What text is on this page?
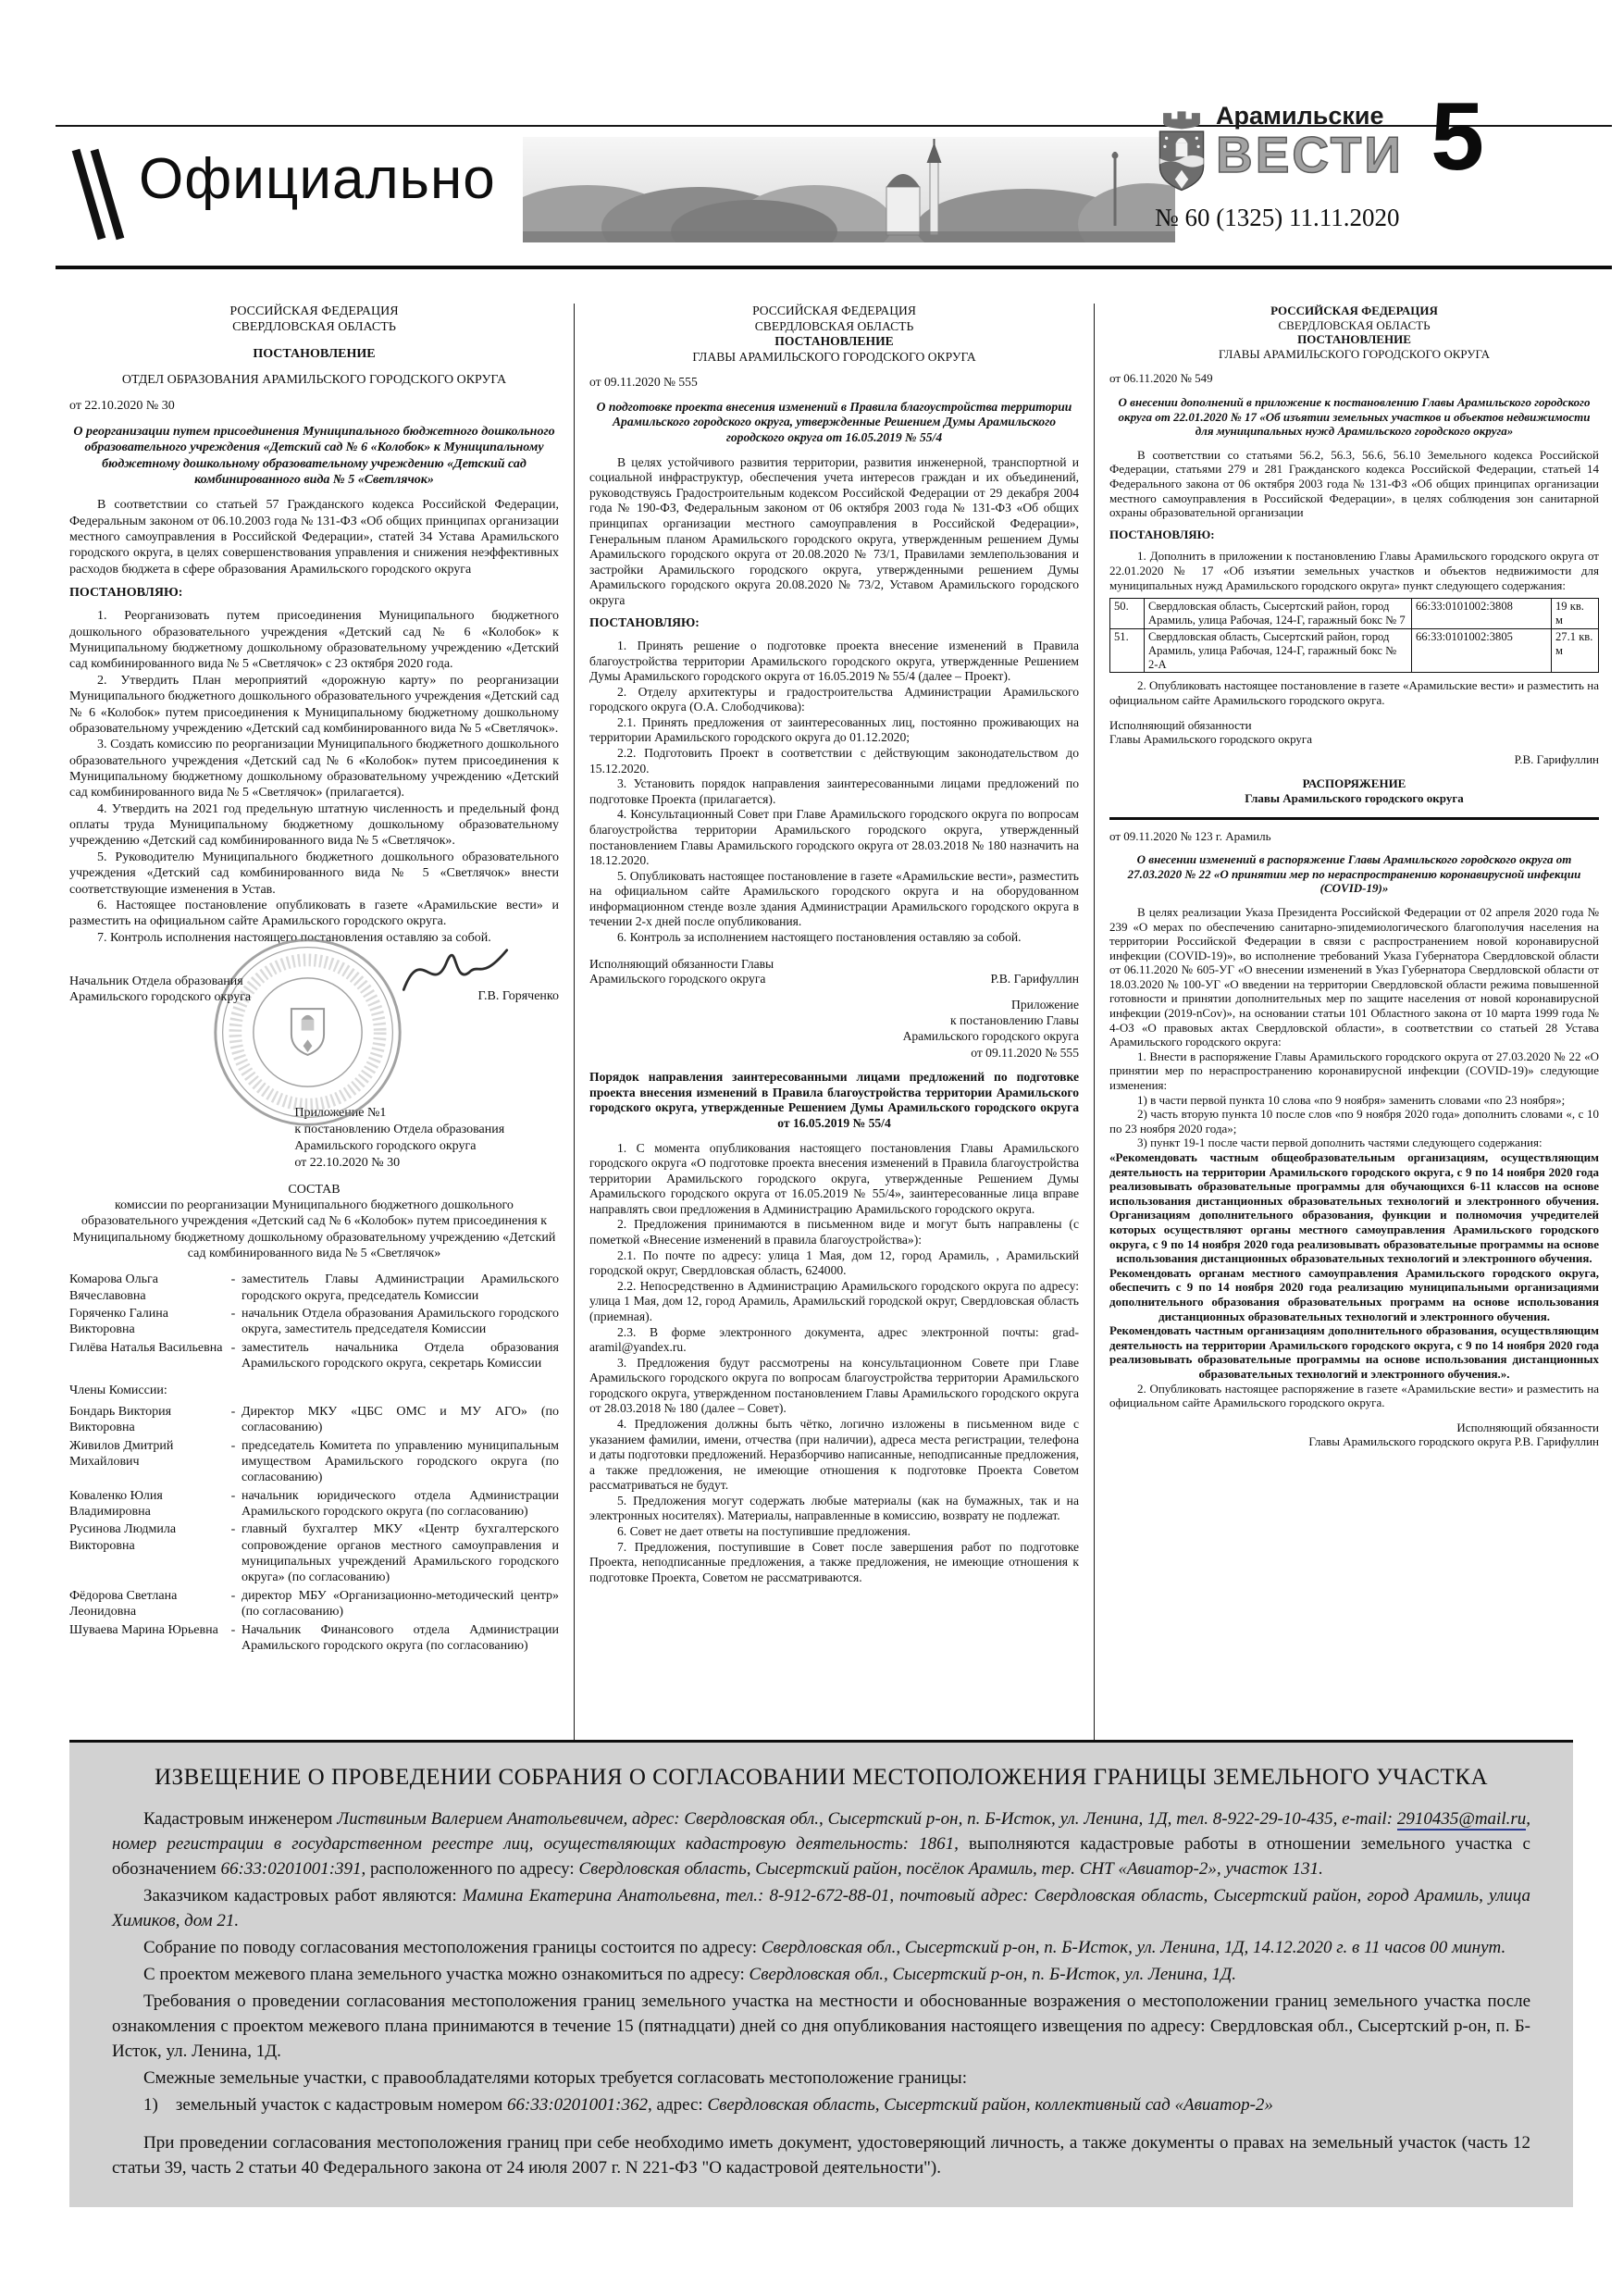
Официально
Арамильские
ВЕСТИ
№ 60 (1325) 11.11.2020
5
РОССИЙСКАЯ ФЕДЕРАЦИЯ
СВЕРДЛОВСКАЯ ОБЛАСТЬ
ПОСТАНОВЛЕНИЕ
ОТДЕЛ ОБРАЗОВАНИЯ АРАМИЛЬСКОГО ГОРОДСКОГО ОКРУГА
от 22.10.2020 № 30
О реорганизации путем присоединения Муниципального бюджетного дошкольного образовательного учреждения «Детский сад № 6 «Колобок» к Муниципальному бюджетному дошкольному образовательному учреждению «Детский сад комбинированного вида № 5 «Светлячок»

В соответствии со статьей 57 Гражданского кодекса Российской Федерации, Федеральным законом от 06.10.2003 года № 131-ФЗ «Об общих принципах организации местного самоуправления в Российской Федерации», статей 34 Устава Арамильского городского округа, в целях совершенствования управления и снижения неэффективных расходов бюджета в сфере образования Арамильского городского округа

ПОСТАНОВЛЯЮ:

1. Реорганизовать путем присоединения Муниципального бюджетного дошкольного образовательного учреждения «Детский сад № 6 «Колобок» к Муниципальному бюджетному дошкольному образовательному учреждению «Детский сад комбинированного вида № 5 «Светлячок» с 23 октября 2020 года.

2. Утвердить План мероприятий «дорожную карту» по реорганизации Муниципального бюджетного дошкольного образовательного учреждения «Детский сад № 6 «Колобок» путем присоединения к Муниципальному бюджетному дошкольному образовательному учреждению «Детский сад комбинированного вида № 5 «Светлячок».

3. Создать комиссию по реорганизации Муниципального бюджетного дошкольного образовательного учреждения «Детский сад № 6 «Колобок» путем присоединения к Муниципальному бюджетному дошкольному образовательному учреждению «Детский сад комбинированного вида № 5 «Светлячок» (прилагается).

4. Утвердить на 2021 год предельную штатную численность и предельный фонд оплаты труда Муниципальному бюджетному дошкольному образовательному учреждению «Детский сад комбинированного вида № 5 «Светлячок».

5. Руководителю Муниципального бюджетного дошкольного образовательного учреждения «Детский сад комбинированного вида № 5 «Светлячок» внести соответствующие изменения в Устав.

6. Настоящее постановление опубликовать в газете «Арамильские вести» и разместить на официальном сайте Арамильского городского округа.

7. Контроль исполнения настоящего постановления оставляю за собой.

Начальник Отдела образования
Арамильского городского округа	Г.В. Горяченко
Приложение №1
к постановлению Отдела образования
Арамильского городского округа
от 22.10.2020 № 30
СОСТАВ
комиссии по реорганизации Муниципального бюджетного дошкольного образовательного учреждения «Детский сад № 6 «Колобок» путем присоединения к Муниципальному бюджетному дошкольному образовательному учреждению «Детский сад комбинированного вида № 5 «Светлячок»
Комарова Ольга Вячеславовна
- заместитель Главы Администрации Арамильского городского округа, председатель Комиссии
Горяченко Галина Викторовна
- начальник Отдела образования Арамильского городского округа, заместитель председателя Комиссии
Гилёва Наталья Васильевна - заместитель начальника Отдела образования Арамильского городского округа, секретарь Комиссии
Члены Комиссии:
Бондарь Виктория Викторовна
- Директор МКУ «ЦБС ОМС и МУ АГО» (по согласованию)
Живилов Дмитрий Михайлович
- председатель Комитета по управлению муниципальным имуществом Арамильского городского округа (по согласованию)
Коваленко Юлия Владимировна
- начальник юридического отдела Администрации Арамильского городского округа (по согласованию)
Русинова Людмила Викторовна
- главный бухгалтер МКУ «Центр бухгалтерского сопровождение органов местного самоуправления и муниципальных учреждений Арамильского городского округа» (по согласованию)
Фёдорова Светлана Леонидовна
- директор МБУ «Организационно-методический центр» (по согласованию)
Шуваева Марина Юрьевна - Начальник Финансового отдела Администрации Арамильского городского округа (по согласованию)
РОССИЙСКАЯ ФЕДЕРАЦИЯ
СВЕРДЛОВСКАЯ ОБЛАСТЬ
ПОСТАНОВЛЕНИЕ
ГЛАВЫ АРАМИЛЬСКОГО ГОРОДСКОГО ОКРУГА
от 09.11.2020 № 555
О подготовке проекта внесения изменений в Правила благоустройства территории Арамильского городского округа, утвержденные Решением Думы Арамильского городского округа от 16.05.2019 № 55/4

В целях устойчивого развития территории, развития инженерной, транспортной и социальной инфраструктур, обеспечения учета интересов граждан и их объединений, руководствуясь Градостроительным кодексом Российской Федерации от 29 декабря 2004 года № 190-ФЗ, Федеральным законом от 06 октября 2003 года № 131-ФЗ «Об общих принципах организации местного самоуправления в Российской Федерации», Генеральным планом Арамильского городского округа, утвержденным решением Думы Арамильского городского округа от 20.08.2020 № 73/1, Правилами землепользования и застройки Арамильского городского округа, утвержденными решением Думы Арамильского городского округа 20.08.2020 № 73/2, Уставом Арамильского городского округа

ПОСТАНОВЛЯЮ:

1. Принять решение о подготовке проекта внесение изменений в Правила благоустройства территории Арамильского городского округа, утвержденные Решением Думы Арамильского городского округа от 16.05.2019 № 55/4 (далее – Проект).

2. Отделу архитектуры и градостроительства Администрации Арамильского городского округа (О.А. Слободчикова):

2.1. Принять предложения от заинтересованных лиц, постоянно проживающих на территории Арамильского городского округа до 01.12.2020;

2.2. Подготовить Проект в соответствии с действующим законодательством до 15.12.2020.

3. Установить порядок направления заинтересованными лицами предложений по подготовке Проекта (прилагается).

4. Консультационный Совет при Главе Арамильского городского округа по вопросам благоустройства территории Арамильского городского округа, утвержденный постановлением Главы Арамильского городского округа от 28.03.2018 № 180 назначить на 18.12.2020.

5. Опубликовать настоящее постановление в газете «Арамильские вести», разместить на официальном сайте Арамильского городского округа и на оборудованном информационном стенде возле здания Администрации Арамильского городского округа в течении 2-х дней после опубликования.

6. Контроль за исполнением настоящего постановления оставляю за собой.

Исполняющий обязанности Главы
Арамильского городского округа	Р.В. Гарифуллин
Приложение
к постановлению Главы
Арамильского городского округа
от 09.11.2020 № 555
Порядок направления заинтересованными лицами предложений по подготовке проекта внесения изменений в Правила благоустройства территории Арамильского городского округа, утвержденные Решением Думы Арамильского городского округа от 16.05.2019 № 55/4

1. С момента опубликования настоящего постановления Главы Арамильского городского округа «О подготовке проекта внесения изменений в Правила благоустройства территории Арамильского городского округа, утвержденные Решением Думы Арамильского городского округа от 16.05.2019 № 55/4», заинтересованные лица вправе направлять свои предложения в Администрацию Арамильского городского округа.

2. Предложения принимаются в письменном виде и могут быть направлены (с пометкой «Внесение изменений в правила благоустройства»):

2.1. По почте по адресу: улица 1 Мая, дом 12, город Арамиль, , Арамильский городской округ, Свердловская область, 624000.

2.2. Непосредственно в Администрацию Арамильского городского округа по адресу: улица 1 Мая, дом 12, город Арамиль, Арамильский городской округ, Свердловская область (приемная).

2.3. В форме электронного документа, адрес электронной почты: grad-aramil@yandex.ru.

3. Предложения будут рассмотрены на консультационном Совете при Главе Арамильского городского округа по вопросам благоустройства территории Арамильского городского округа, утвержденном постановлением Главы Арамильского городского округа от 28.03.2018 № 180 (далее – Совет).

4. Предложения должны быть чётко, логично изложены в письменном виде с указанием фамилии, имени, отчества (при наличии), адреса места регистрации, телефона и даты подготовки предложений. Неразборчиво написанные, неподписанные предложения, а также предложения, не имеющие отношения к подготовке Проекта Советом рассматриваться не будут.

5. Предложения могут содержать любые материалы (как на бумажных, так и на электронных носителях). Материалы, направленные в комиссию, возврату не подлежат.

6. Совет не дает ответы на поступившие предложения.

7. Предложения, поступившие в Совет после завершения работ по подготовке Проекта, неподписанные предложения, а также предложения, не имеющие отношения к подготовке Проекта, Советом не рассматриваются.

РОССИЙСКАЯ ФЕДЕРАЦИЯ
СВЕРДЛОВСКАЯ ОБЛАСТЬ
ПОСТАНОВЛЕНИЕ
ГЛАВЫ АРАМИЛЬСКОГО ГОРОДСКОГО ОКРУГА
от 06.11.2020 № 549
О внесении дополнений в приложение к постановлению Главы Арамильского городского округа от 22.01.2020 № 17 «Об изъятии земельных участков и объектов недвижимости для муниципальных нужд Арамильского городского округа»

В соответствии со статьями 56.2, 56.3, 56.6, 56.10 Земельного кодекса Российской Федерации, статьями 279 и 281 Гражданского кодекса Российской Федерации, статьей 14 Федерального закона от 06 октября 2003 года № 131-ФЗ «Об общих принципах организации местного самоуправления в Российской Федерации», в целях соблюдения зон санитарной охраны образовательной организации

ПОСТАНОВЛЯЮ:

1. Дополнить в приложении к постановлению Главы Арамильского городского округа от 22.01.2020 № 17 «Об изъятии земельных участков и объектов недвижимости для муниципальных нужд Арамильского городского округа» пункт следующего содержания:

50.	Свердловская область, Сысертский район, город Арамиль, улица Рабочая, 124-Г, гаражный бокс № 7	66:33:0101002:3808	19 кв. м
51.	Свердловская область, Сысертский район, город Арамиль, улица Рабочая, 124-Г, гаражный бокс № 2-А	66:33:0101002:3805	27.1 кв. м

2. Опубликовать настоящее постановление в газете «Арамильские вести» и разместить на официальном сайте Арамильского городского округа.

Исполняющий обязанности
Главы Арамильского городского округа
Р.В. Гарифуллин
РАСПОРЯЖЕНИЕ
Главы Арамильского городского округа
от 09.11.2020 № 123 г. Арамиль
О внесении изменений в распоряжение Главы Арамильского городского округа от 27.03.2020 № 22 «О принятии мер по нераспространению коронавирусной инфекции (COVID-19)»

В целях реализации Указа Президента Российской Федерации от 02 апреля 2020 года № 239 «О мерах по обеспечению санитарно-эпидемиологического благополучия населения на территории Российской Федерации в связи с распространением новой коронавирусной инфекции (COVID-19)», во исполнение требований Указа Губернатора Свердловской области от 06.11.2020 № 605-УГ «О внесении изменений в Указ Губернатора Свердловской области от 18.03.2020 № 100-УГ «О введении на территории Свердловской области режима повышенной готовности и принятии дополнительных мер по защите населения от новой коронавирусной инфекции (2019-nCov)», на основании статьи 101 Областного закона от 10 марта 1999 года № 4-ОЗ «О правовых актах Свердловской области», в соответствии со статьей 28 Устава Арамильского городского округа:

1. Внести в распоряжение Главы Арамильского городского округа от 27.03.2020 № 22 «О принятии мер по нераспространению коронавирусной инфекции (COVID-19)» следующие изменения:

1) в части первой пункта 10 слова «по 9 ноября» заменить словами «по 23 ноября»;

2) часть вторую пункта 10 после слов «по 9 ноября 2020 года» дополнить словами «, с 10 по 23 ноября 2020 года»;

3) пункт 19-1 после части первой дополнить частями следующего содержания:

«Рекомендовать частным общеобразовательным организациям, осуществляющим деятельность на территории Арамильского городского округа, с 9 по 14 ноября 2020 года реализовывать образовательные программы для обучающихся 6-11 классов на основе использования дистанционных образовательных технологий и электронного обучения. Организациям дополнительного образования, функции и полномочия учредителей которых осуществляют органы местного самоуправления Арамильского городского округа, с 9 по 14 ноября 2020 года реализовывать образовательные программы на основе использования дистанционных образовательных технологий и электронного обучения.

Рекомендовать органам местного самоуправления Арамильского городского округа, обеспечить с 9 по 14 ноября 2020 года реализацию муниципальными организациями дополнительного образования образовательных программ на основе использования дистанционных образовательных технологий и электронного обучения.

Рекомендовать частным организациям дополнительного образования, осуществляющим деятельность на территории Арамильского городского округа, с 9 по 14 ноября 2020 года реализовывать образовательные программы на основе использования дистанционных образовательных технологий и электронного обучения.».

2. Опубликовать настоящее распоряжение в газете «Арамильские вести» и разместить на официальном сайте Арамильского городского округа.

Исполняющий обязанности
Главы Арамильского городского округа Р.В. Гарифуллин
ИЗВЕЩЕНИЕ О ПРОВЕДЕНИИ СОБРАНИЯ О СОГЛАСОВАНИИ МЕСТОПОЛОЖЕНИЯ ГРАНИЦЫ ЗЕМЕЛЬНОГО УЧАСТКА

Кадастровым инженером Листвиным Валерием Анатольевичем, адрес: Свердловская обл., Сысертский р-он, п. Б-Исток, ул. Ленина, 1Д, тел. 8-922-29-10-435, e-mail: 2910435@mail.ru, номер регистрации в государственном реестре лиц, осуществляющих кадастровую деятельность: 1861, выполняются кадастровые работы в отношении земельного участка с обозначением 66:33:0201001:391, расположенного по адресу: Свердловская область, Сысертский район, посёлок Арамиль, тер. СНТ «Авиатор-2», участок 131.

Заказчиком кадастровых работ являются: Мамина Екатерина Анатольевна, тел.: 8-912-672-88-01, почтовый адрес: Свердловская область, Сысертский район, город Арамиль, улица Химиков, дом 21.

Собрание по поводу согласования местоположения границы состоится по адресу: Свердловская обл., Сысертский р-он, п. Б-Исток, ул. Ленина, 1Д, 14.12.2020 г. в 11 часов 00 минут.

С проектом межевого плана земельного участка можно ознакомиться по адресу: Свердловская обл., Сысертский р-он, п. Б-Исток, ул. Ленина, 1Д.

Требования о проведении согласования местоположения границ земельного участка на местности и обоснованные возражения о местоположении границ земельного участка после ознакомления с проектом межевого плана принимаются в течение 15 (пятнадцати) дней со дня опубликования настоящего извещения по адресу: Свердловская обл., Сысертский р-он, п. Б-Исток, ул. Ленина, 1Д.

Смежные земельные участки, с правообладателями которых требуется согласовать местоположение границы:

1) земельный участок с кадастровым номером 66:33:0201001:362, адрес: Свердловская область, Сысертский район, коллективный сад «Авиатор-2»

При проведении согласования местоположения границ при себе необходимо иметь документ, удостоверяющий личность, а также документы о правах на земельный участок (часть 12 статьи 39, часть 2 статьи 40 Федерального закона от 24 июля 2007 г. N 221-ФЗ "О кадастровой деятельности").
